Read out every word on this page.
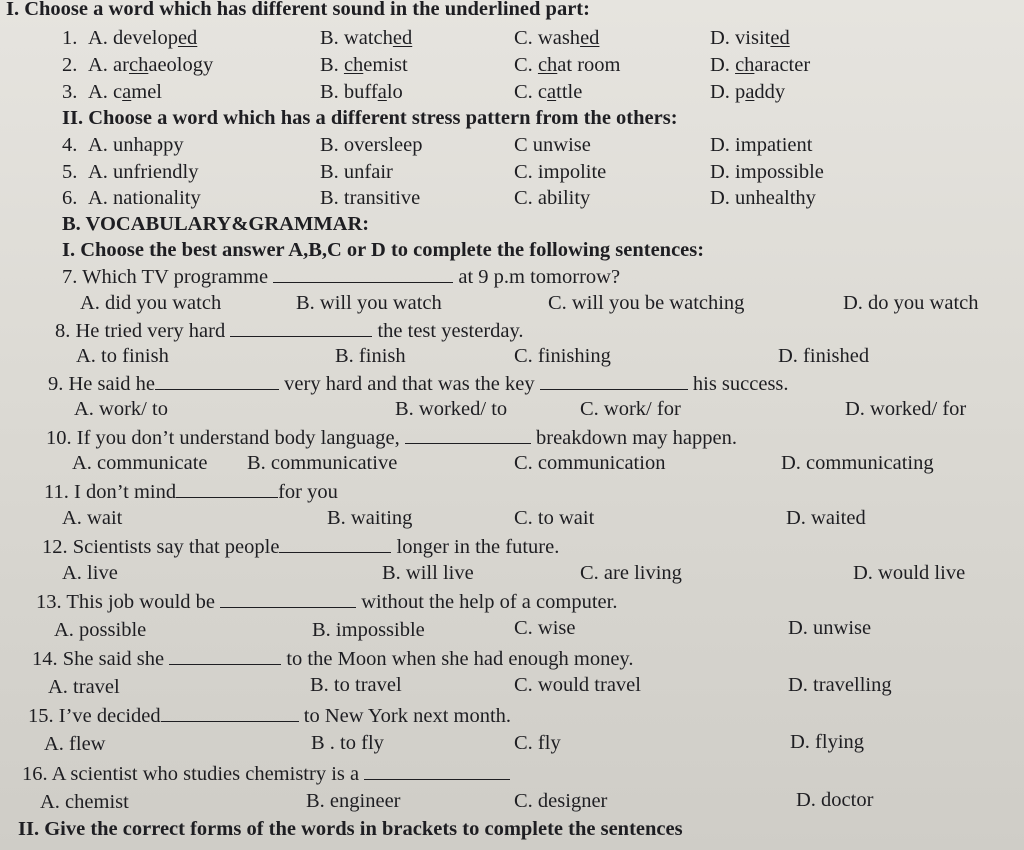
I. Choose a word which has different sound in the underlined part:
1. A. developed	B. watched	C. washed	D. visited
2. A. archaeology	B. chemist	C. chat room	D. character
3. A. camel	B. buffalo	C. cattle	D. paddy
II. Choose a word which has a different stress pattern from the others:
4. A. unhappy	B. oversleep	C unwise	D. impatient
5. A. unfriendly	B. unfair	C. impolite	D. impossible
6. A. nationality	B. transitive	C. ability	D. unhealthy
B. VOCABULARY&GRAMMAR:
I. Choose the best answer A,B,C or D to complete the following sentences:
7. Which TV programme	at 9 p.m tomorrow?
A. did you watch	B. will you watch	C. will you be watching	D. do you watch
8. He tried very hard	the test yesterday.
A. to finish	B. finish	C. finishing	D. finished
9. He said he	very hard and that was the key	his success.
A. work/ to	B. worked/ to	C. work/ for	D. worked/ for
10. If you don’t understand body language,	breakdown may happen.
A. communicate B. communicative	C. communication	D. communicating
11. I don’t mind	for you
A. wait	B. waiting	C. to wait	D. waited
12. Scientists say that people	longer in the future.
A. live	B. will live	C. are living	D. would live
13. This job would be	without the help of a computer.
A. possible	B. impossible	C. wise	D. unwise
14. She said she	to the Moon when she had enough money.
A. travel	B. to travel	C. would travel	D. travelling
15. I’ve decided	to New York next month.
A. flew	B . to fly	C. fly	D. flying
16. A scientist who studies chemistry is a
A. chemist	B. engineer	C. designer	D. doctor
II. Give the correct forms of the words in brackets to complete the sentences
